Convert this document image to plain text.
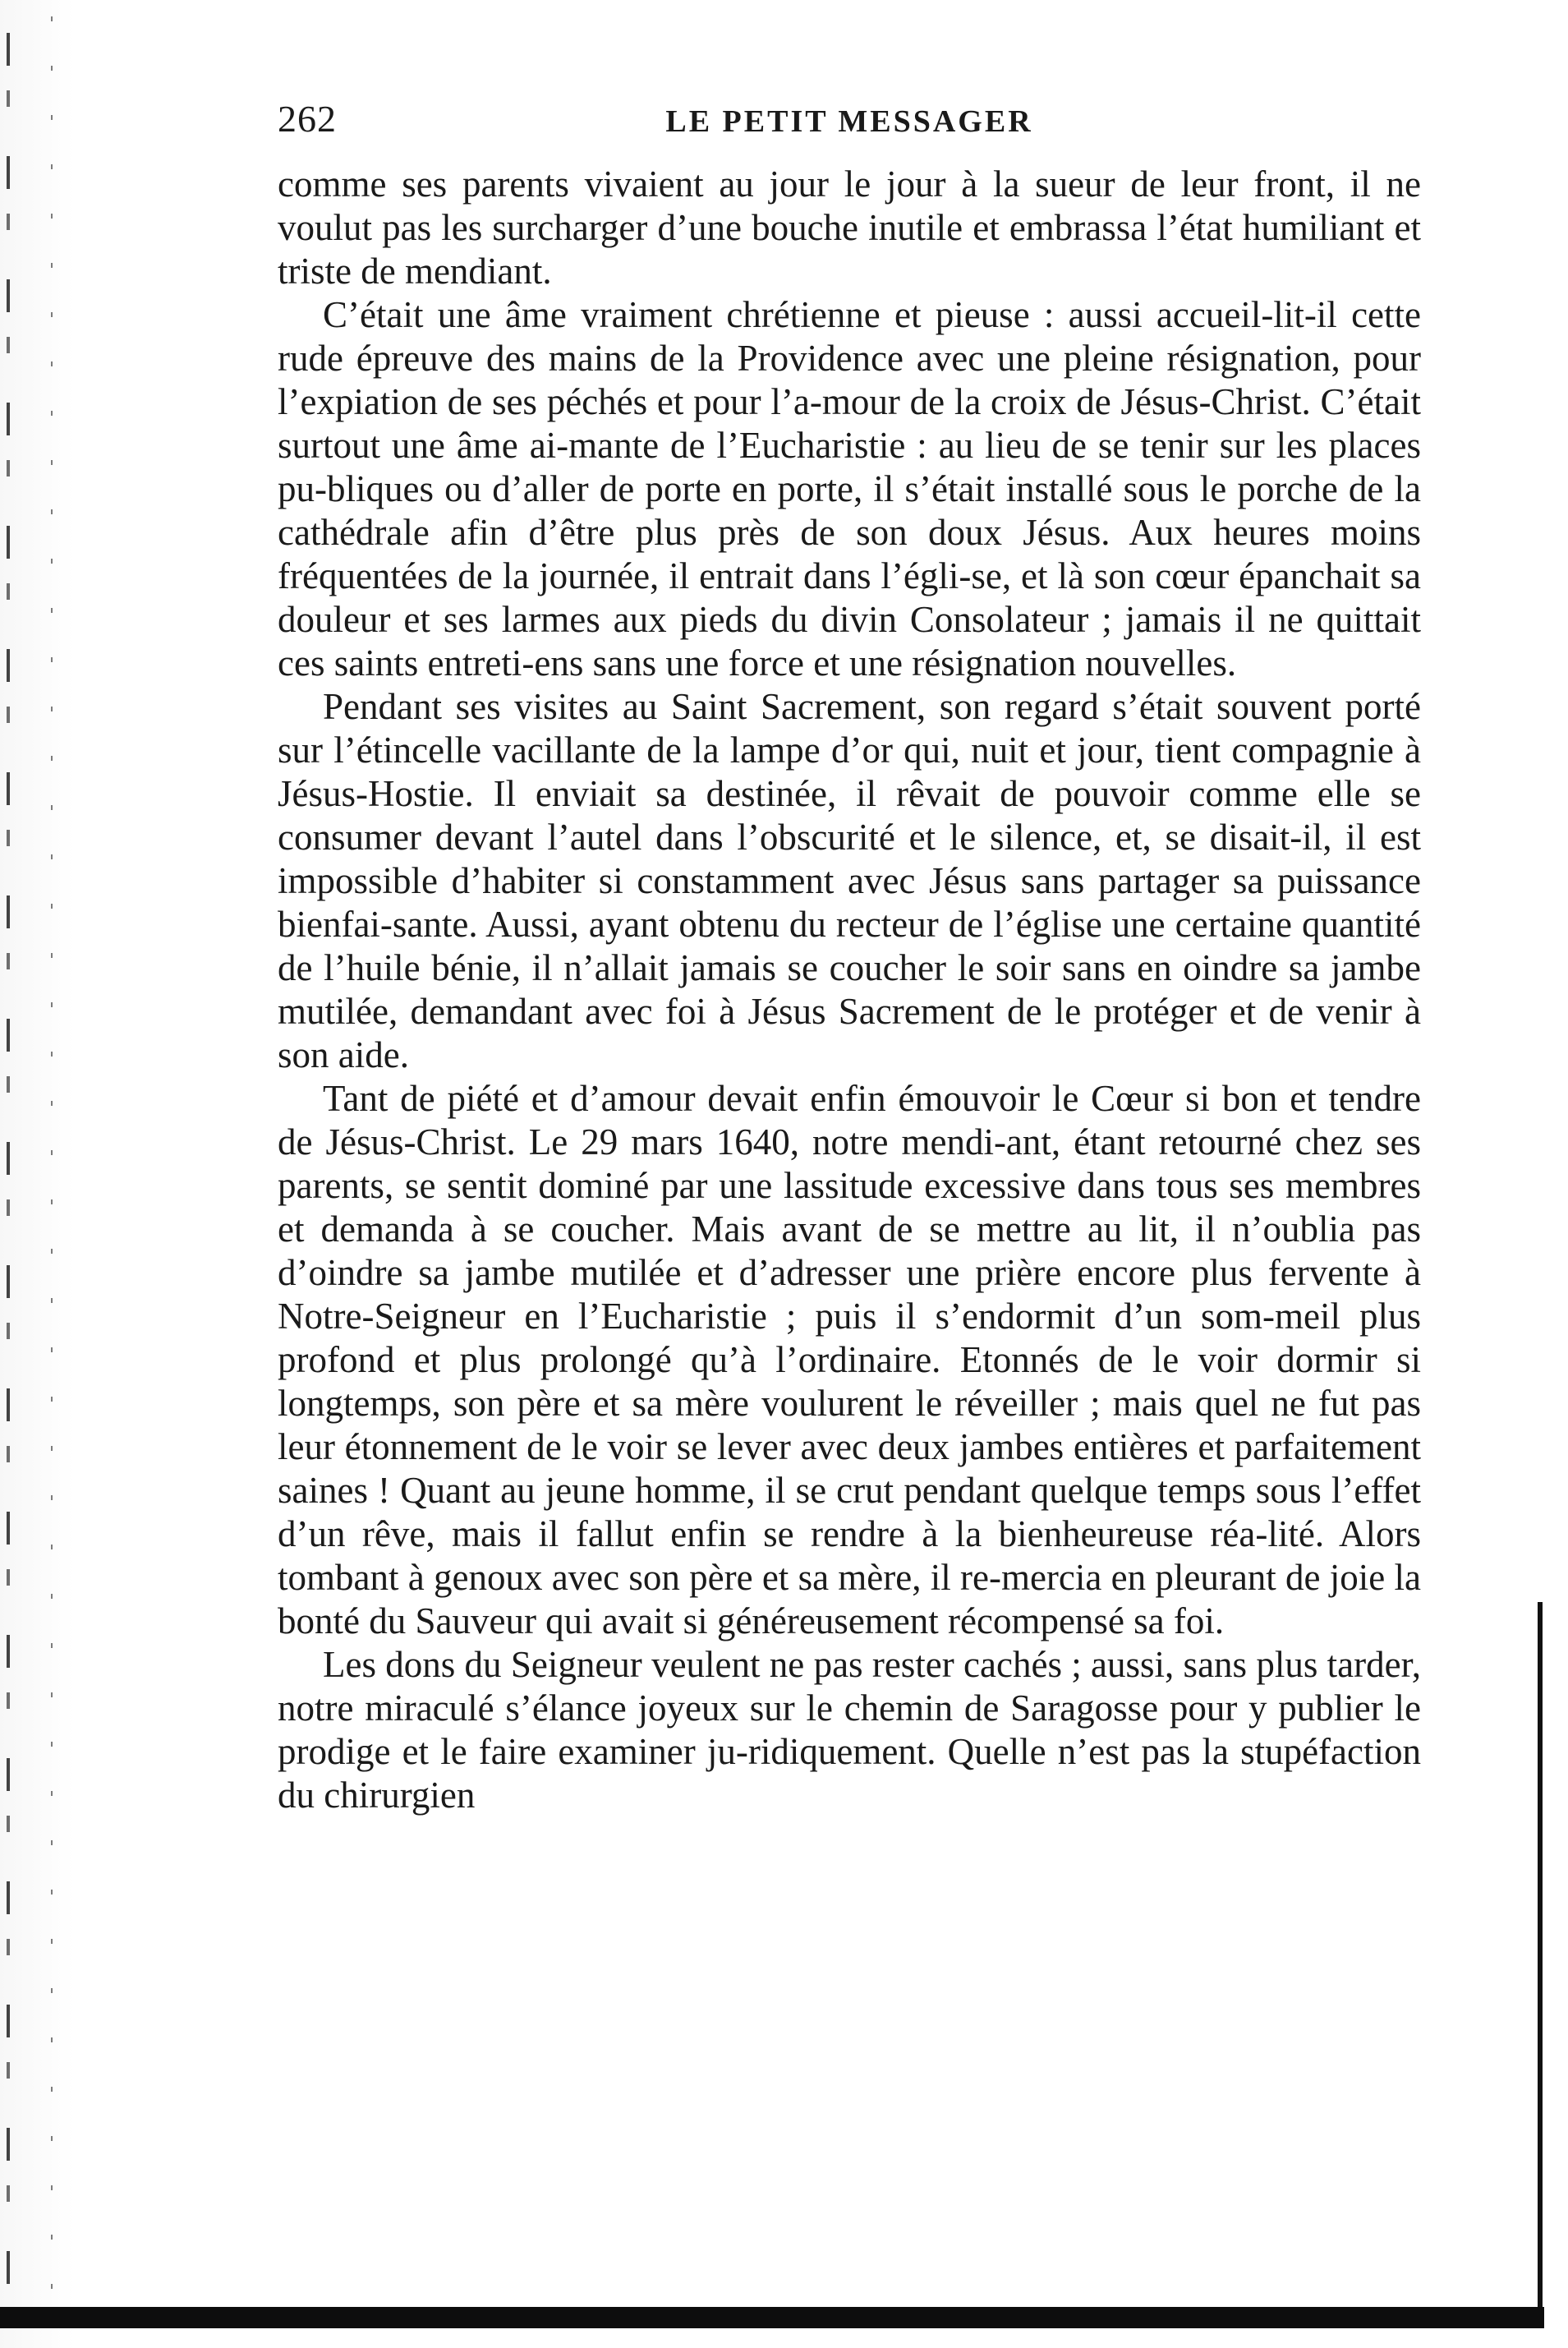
262	LE PETIT MESSAGER

comme ses parents vivaient au jour le jour à la sueur de leur front, il ne voulut pas les surcharger d’une bouche inutile et embrassa l’état humiliant et triste de mendiant.

C’était une âme vraiment chrétienne et pieuse : aussi accueil-lit-il cette rude épreuve des mains de la Providence avec une pleine résignation, pour l’expiation de ses péchés et pour l’a-mour de la croix de Jésus-Christ. C’était surtout une âme ai-mante de l’Eucharistie : au lieu de se tenir sur les places pu-bliques ou d’aller de porte en porte, il s’était installé sous le porche de la cathédrale afin d’être plus près de son doux Jésus. Aux heures moins fréquentées de la journée, il entrait dans l’égli-se, et là son cœur épanchait sa douleur et ses larmes aux pieds du divin Consolateur ; jamais il ne quittait ces saints entreti-ens sans une force et une résignation nouvelles.

Pendant ses visites au Saint Sacrement, son regard s’était souvent porté sur l’étincelle vacillante de la lampe d’or qui, nuit et jour, tient compagnie à Jésus-Hostie. Il enviait sa destinée, il rêvait de pouvoir comme elle se consumer devant l’autel dans l’obscurité et le silence, et, se disait-il, il est impossible d’habiter si constamment avec Jésus sans partager sa puissance bienfai-sante. Aussi, ayant obtenu du recteur de l’église une certaine quantité de l’huile bénie, il n’allait jamais se coucher le soir sans en oindre sa jambe mutilée, demandant avec foi à Jésus Sacrement de le protéger et de venir à son aide.

Tant de piété et d’amour devait enfin émouvoir le Cœur si bon et tendre de Jésus-Christ. Le 29 mars 1640, notre mendi-ant, étant retourné chez ses parents, se sentit dominé par une lassitude excessive dans tous ses membres et demanda à se coucher. Mais avant de se mettre au lit, il n’oublia pas d’oindre sa jambe mutilée et d’adresser une prière encore plus fervente à Notre-Seigneur en l’Eucharistie ; puis il s’endormit d’un som-meil plus profond et plus prolongé qu’à l’ordinaire. Etonnés de le voir dormir si longtemps, son père et sa mère voulurent le réveiller ; mais quel ne fut pas leur étonnement de le voir se lever avec deux jambes entières et parfaitement saines ! Quant au jeune homme, il se crut pendant quelque temps sous l’effet d’un rêve, mais il fallut enfin se rendre à la bienheureuse réa-lité. Alors tombant à genoux avec son père et sa mère, il re-mercia en pleurant de joie la bonté du Sauveur qui avait si généreusement récompensé sa foi.

Les dons du Seigneur veulent ne pas rester cachés ; aussi, sans plus tarder, notre miraculé s’élance joyeux sur le chemin de Saragosse pour y publier le prodige et le faire examiner ju-ridiquement. Quelle n’est pas la stupéfaction du chirurgien
